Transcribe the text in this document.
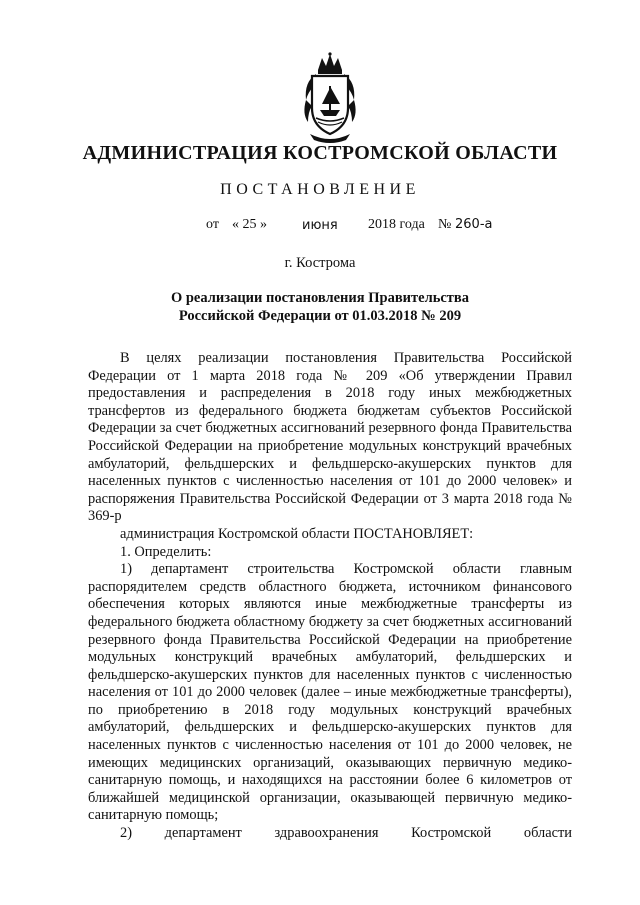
АДМИНИСТРАЦИЯ КОСТРОМСКОЙ ОБЛАСТИ
ПОСТАНОВЛЕНИЕ
от « 25 »	июня 2018 года № 260-а
г. Кострома
О реализации постановления Правительства
Российской Федерации от 01.03.2018 № 209

В целях реализации постановления Правительства Российской Федерации от 1 марта 2018 года № 209 «Об утверждении Правил предоставления и распределения в 2018 году иных межбюджетных трансфертов из федерального бюджета бюджетам субъектов Российской Федерации за счет бюджетных ассигнований резервного фонда Правительства Российской Федерации на приобретение модульных конструкций врачебных амбулаторий, фельдшерских и фельдшерско-акушерских пунктов для населенных пунктов с численностью населения от 101 до 2000 человек» и распоряжения Правительства Российской Федерации от 3 марта 2018 года № 369-р

администрация Костромской области ПОСТАНОВЛЯЕТ:

1. Определить:

1) департамент строительства Костромской области главным распорядителем средств областного бюджета, источником финансового обеспечения которых являются иные межбюджетные трансферты из федерального бюджета областному бюджету за счет бюджетных ассигнований резервного фонда Правительства Российской Федерации на приобретение модульных конструкций врачебных амбулаторий, фельдшерских и фельдшерско-акушерских пунктов для населенных пунктов с численностью населения от 101 до 2000 человек (далее – иные межбюджетные трансферты), по приобретению в 2018 году модульных конструкций врачебных амбулаторий, фельдшерских и фельдшерско-акушерских пунктов для населенных пунктов с численностью населения от 101 до 2000 человек, не имеющих медицинских организаций, оказывающих первичную медико-санитарную помощь, и находящихся на расстоянии более 6 километров от ближайшей медицинской организации, оказывающей первичную медико-санитарную помощь;

2) департамент здравоохранения Костромской области
